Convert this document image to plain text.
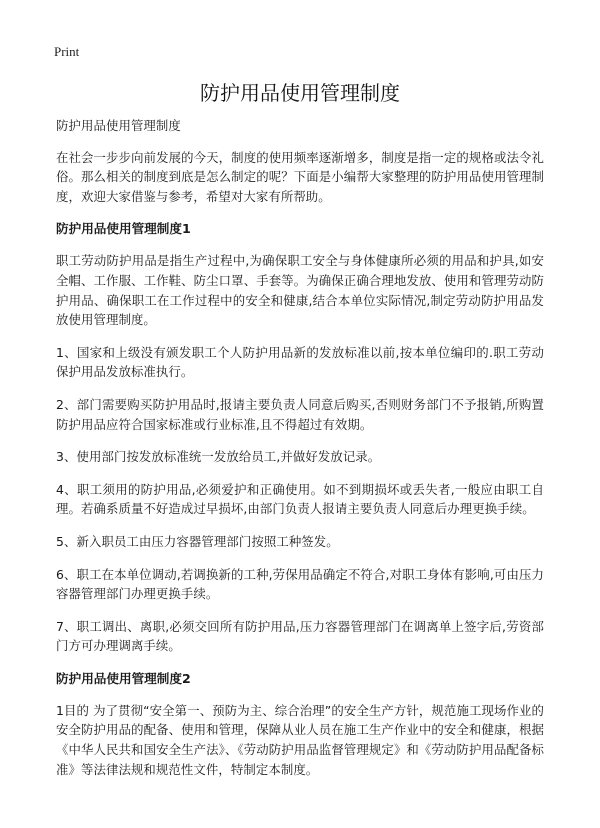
Print
防护用品使用管理制度

防护用品使用管理制度

在社会一步步向前发展的今天，制度的使用频率逐渐增多，制度是指一定的规格或法令礼俗。那么相关的制度到底是怎么制定的呢？下面是小编帮大家整理的防护用品使用管理制度，欢迎大家借鉴与参考，希望对大家有所帮助。

防护用品使用管理制度1

职工劳动防护用品是指生产过程中,为确保职工安全与身体健康所必须的用品和护具,如安全帽、工作服、工作鞋、防尘口罩、手套等。为确保正确合理地发放、使用和管理劳动防护用品、确保职工在工作过程中的安全和健康,结合本单位实际情况,制定劳动防护用品发放使用管理制度。

1、国家和上级没有颁发职工个人防护用品新的发放标准以前,按本单位编印的.职工劳动保护用品发放标准执行。

2、部门需要购买防护用品时,报请主要负责人同意后购买,否则财务部门不予报销,所购置防护用品应符合国家标准或行业标准,且不得超过有效期。

3、使用部门按发放标准统一发放给员工,并做好发放记录。

4、职工须用的防护用品,必须爱护和正确使用。如不到期损坏或丢失者,一般应由职工自理。若确系质量不好造成过早损坏,由部门负责人报请主要负责人同意后办理更换手续。

5、新入职员工由压力容器管理部门按照工种签发。

6、职工在本单位调动,若调换新的工种,劳保用品确定不符合,对职工身体有影响,可由压力容器管理部门办理更换手续。

7、职工调出、离职,必须交回所有防护用品,压力容器管理部门在调离单上签字后,劳资部门方可办理调离手续。

防护用品使用管理制度2

1目的 为了贯彻“安全第一、预防为主、综合治理”的安全生产方针，规范施工现场作业的安全防护用品的配备、使用和管理，保障从业人员在施工生产作业中的安全和健康，根据《中华人民共和国安全生产法》、《劳动防护用品监督管理规定》和《劳动防护用品配备标准》等法律法规和规范性文件，特制定本制度。
